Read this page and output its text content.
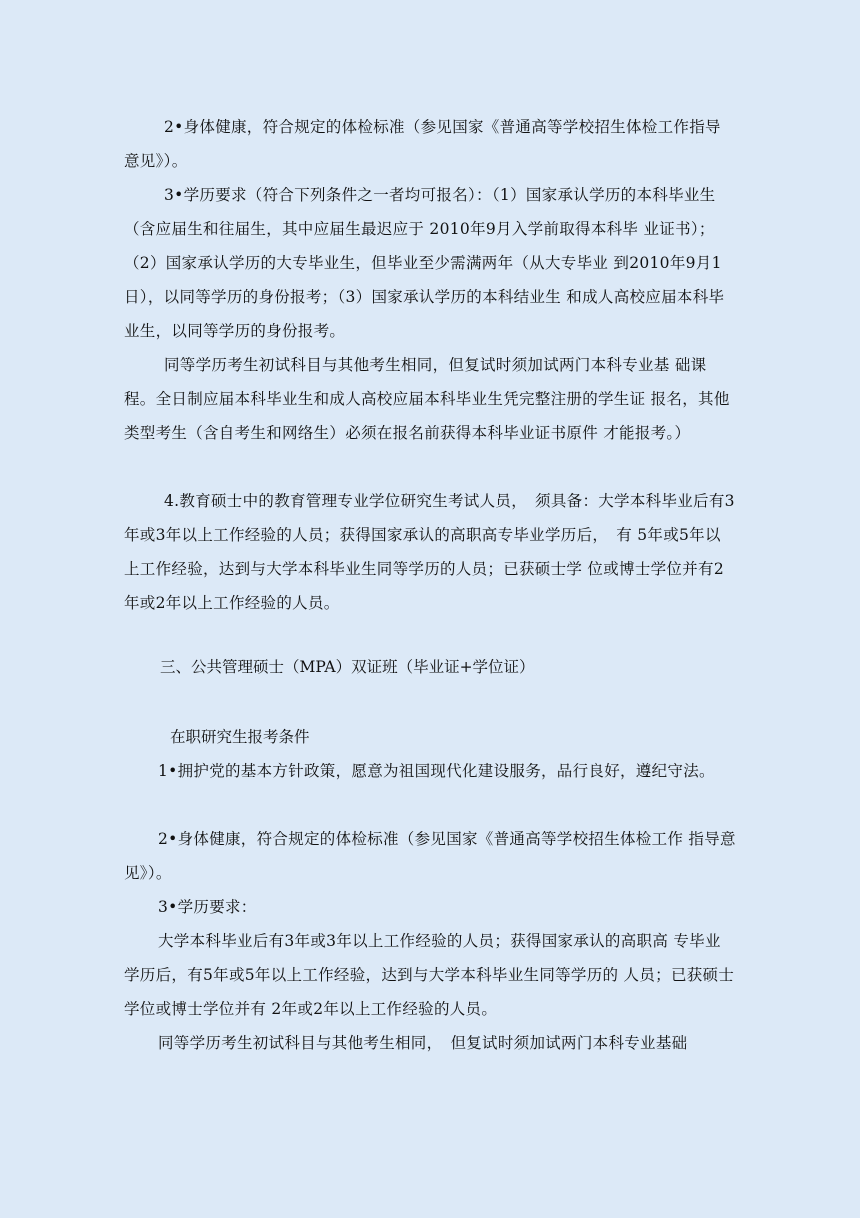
2•身体健康，符合规定的体检标准（参见国家《普通高等学校招生体检工作指导意见》）。

3•学历要求（符合下列条件之一者均可报名）：（1）国家承认学历的本科毕业生（含应届生和往届生，其中应届生最迟应于 2010年9月入学前取得本科毕 业证书）；（2）国家承认学历的大专毕业生，但毕业至少需满两年（从大专毕业 到2010年9月1日），以同等学历的身份报考；（3）国家承认学历的本科结业生 和成人高校应届本科毕业生，以同等学历的身份报考。

同等学历考生初试科目与其他考生相同，但复试时须加试两门本科专业基 础课程。全日制应届本科毕业生和成人高校应届本科毕业生凭完整注册的学生证 报名，其他类型考生（含自考生和网络生）必须在报名前获得本科毕业证书原件 才能报考。）

4.教育硕士中的教育管理专业学位研究生考试人员，　须具备：大学本科毕业后有3年或3年以上工作经验的人员；获得国家承认的高职高专毕业学历后，　有 5年或5年以上工作经验，达到与大学本科毕业生同等学历的人员；已获硕士学 位或博士学位并有2年或2年以上工作经验的人员。

三、公共管理硕士（MPA）双证班（毕业证+学位证）

在职研究生报考条件

1•拥护党的基本方针政策，愿意为祖国现代化建设服务，品行良好，遵纪守法。

2•身体健康，符合规定的体检标准（参见国家《普通高等学校招生体检工作 指导意见》）。

3•学历要求：

大学本科毕业后有3年或3年以上工作经验的人员；获得国家承认的高职高 专毕业学历后，有5年或5年以上工作经验，达到与大学本科毕业生同等学历的 人员；已获硕士学位或博士学位并有 2年或2年以上工作经验的人员。

同等学历考生初试科目与其他考生相同，　但复试时须加试两门本科专业基础
